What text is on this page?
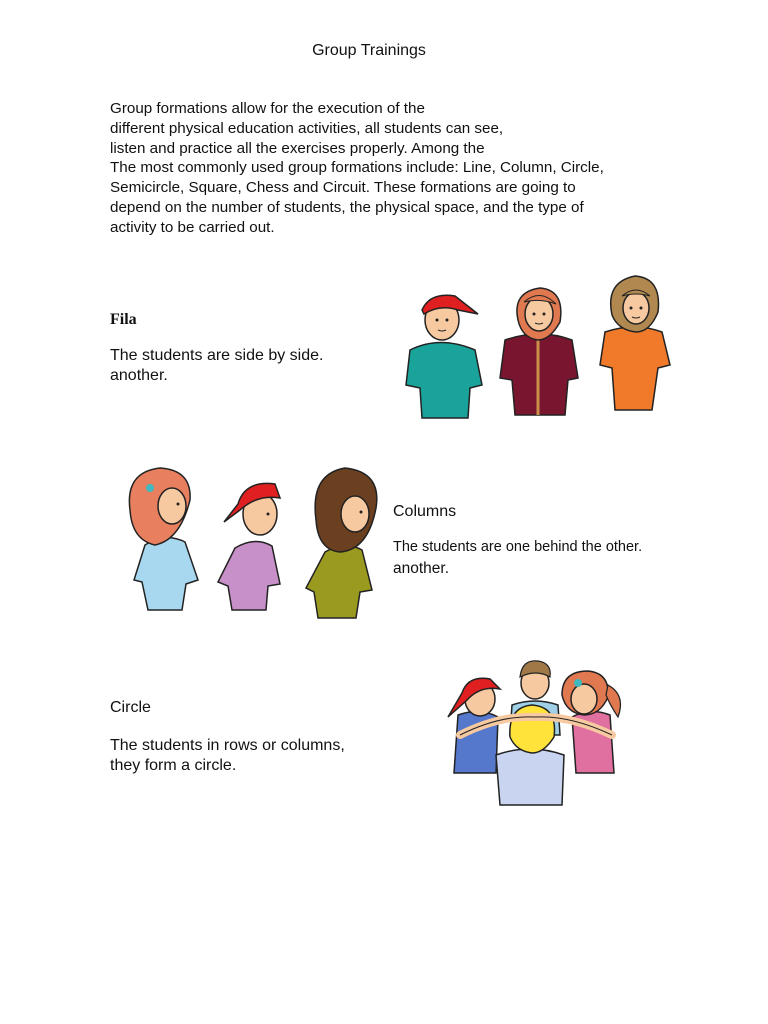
Group Trainings
Group formations allow for the execution of the
different physical education activities, all students can see,
listen and practice all the exercises properly. Among the
The most commonly used group formations include: Line, Column, Circle,
Semicircle, Square, Chess and Circuit. These formations are going to
depend on the number of students, the physical space, and the type of
activity to be carried out.
Fila
The students are side by side.
another.
Columns
The students are one behind the other.
another.
Circle
The students in rows or columns,
they form a circle.
